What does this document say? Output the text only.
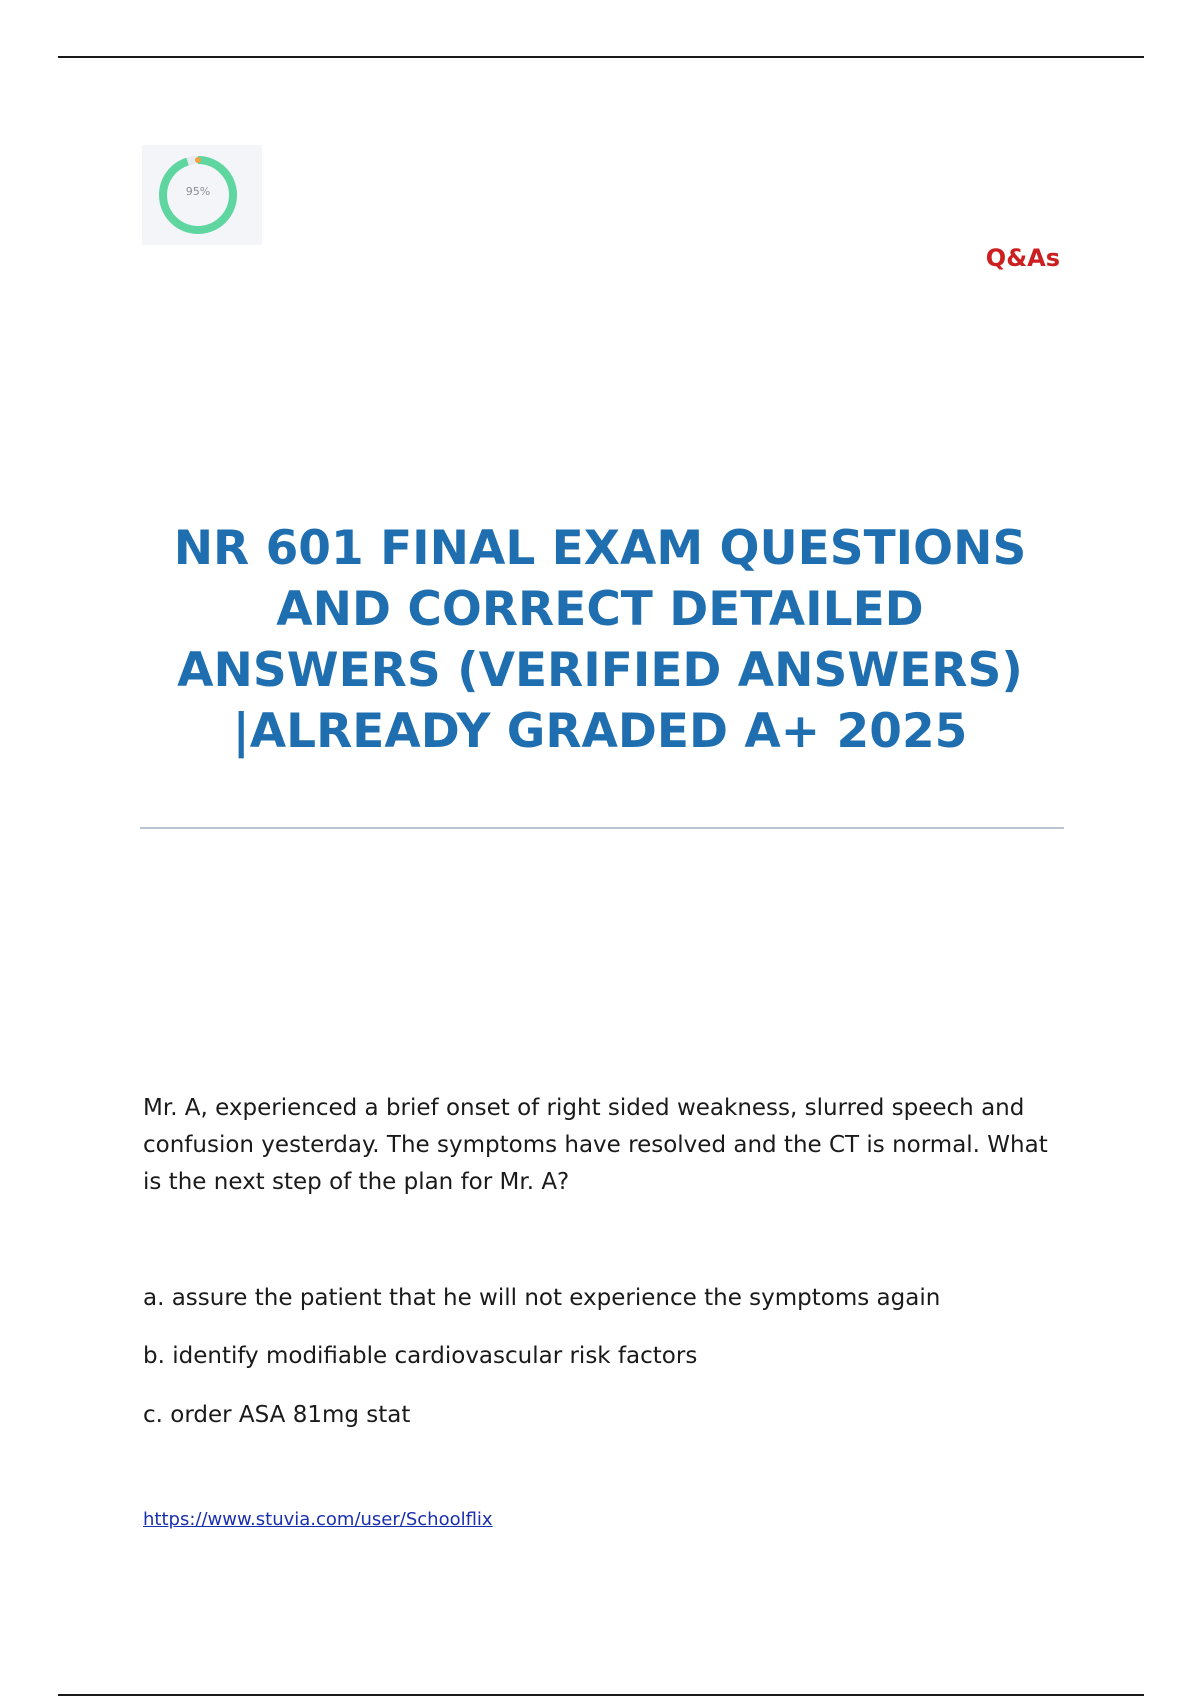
95%
Q&As
NR 601 FINAL EXAM QUESTIONS AND CORRECT DETAILED ANSWERS (VERIFIED ANSWERS) |ALREADY GRADED A+ 2025

Mr. A, experienced a brief onset of right sided weakness, slurred speech and confusion yesterday. The symptoms have resolved and the CT is normal. What is the next step of the plan for Mr. A?

a. assure the patient that he will not experience the symptoms again

b. identify modifiable cardiovascular risk factors

c. order ASA 81mg stat

https://www.stuvia.com/user/Schoolflix
